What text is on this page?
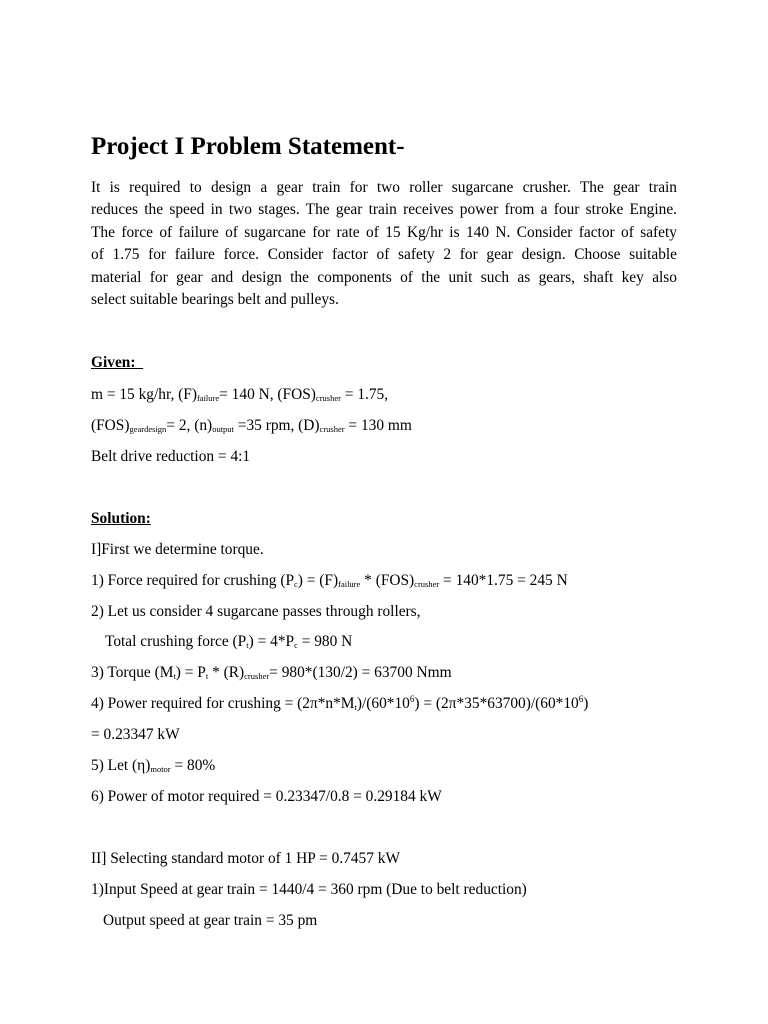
Project I Problem Statement-
It is required to design a gear train for two roller sugarcane crusher. The gear train
reduces the speed in two stages. The gear train receives power from a four stroke Engine.
The force of failure of sugarcane for rate of 15 Kg/hr is 140 N. Consider factor of safety
of 1.75 for failure force. Consider factor of safety 2 for gear design. Choose suitable
material for gear and design the components of the unit such as gears, shaft key also
select suitable bearings belt and pulleys.
Given:
m = 15 kg/hr, $(F)_{failure}= 140$ N, $(FOS)_{crusher} = 1.75$,
$(FOS)_{geardesign}= 2$, $(n)_{output} =35$ rpm, $(D)_{crusher} = 130$ mm
Belt drive reduction = 4:1
Solution:
I]First we determine torque.
1) Force required for crushing $(P_c) = (F)_{failure} * (FOS)_{crusher} = 140*1.75 = 245$ N
2) Let us consider 4 sugarcane passes through rollers,
Total crushing force $(P_t) = 4*P_c = 980$ N
3) Torque $(M_t) = P_t * (R)_{crusher}= 980*(130/2) = 63700$ Nmm
4) Power required for crushing = $(2\pi*n*M_t)/(60*10^6) = (2\pi*35*63700)/(60*10^6)$
= 0.23347 kW
5) Let $(\eta)_{motor} = 80\%$
6) Power of motor required = 0.23347/0.8 = 0.29184 kW
II] Selecting standard motor of 1 HP = 0.7457 kW
1)Input Speed at gear train = 1440/4 = 360 rpm (Due to belt reduction)
Output speed at gear train = 35 pm
